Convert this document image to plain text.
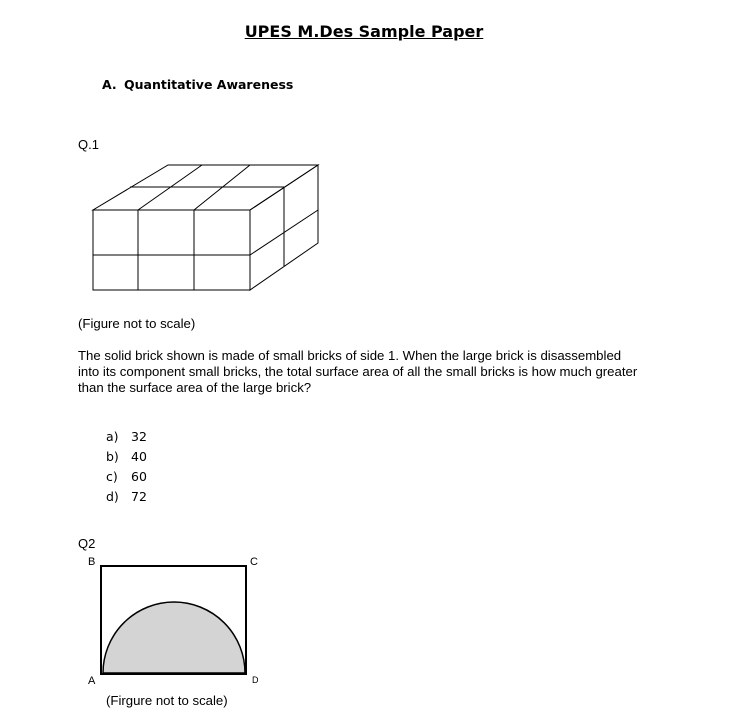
UPES M.Des Sample Paper
A. Quantitative Awareness
Q.1
(Figure not to scale)
The solid brick shown is made of small bricks of side 1. When the large brick is disassembled
into its component small bricks, the total surface area of all the small bricks is how much greater
than the surface area of the large brick?
a) 32
b) 40
c) 60
d) 72
Q2
B	C
A	D
(Firgure not to scale)
